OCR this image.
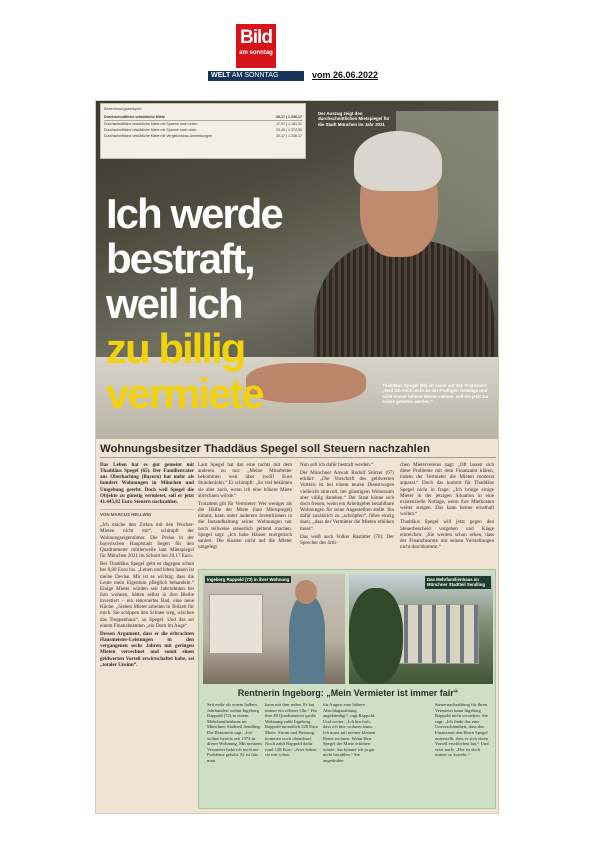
Bild
am sonntag
WELT AM SONNTAG	vom 26.06.2022
Berechnungsbeispiel:
Durchschnittliche ortsübliche Miete	26,17 | 1.236,17
Durchschnittliche ortsübliche Miete mit Spanne nach unten	17,97 | 1.181,31
Durchschnittliche ortsübliche Miete mit Spanne nach oben	23,45 | 1.374,55
Durchschnittliche ortsübliche Miete mit Vergleichsbau Anmerkungen	20,17 | 1.236,17
Der Auszug zeigt den durchschnittlichen Mietspiegel für die Stadt München im Jahr 2021
Ich werde
bestraft,
weil ich
zu billig
vermiete	Thaddäus Spegel (65) ist sauer auf das Finanzamt: „Weil ich mich nicht an der Profitgier beteilige und nicht immer höhere Mieten nehme, soll ich jetzt zur Kasse gebeten werden.“
Wohnungsbesitzer Thaddäus Spegel soll Steuern nachzahlen

Das Leben hat es gut gemeint mit Thaddäus Spegel (65). Der Familienvater aus Oberhaching (Bayern) hat mehr als hundert Wohnungen in München und Umgebung geerbt. Doch weil Spegel die Objekte zu günstig vermietet, soll er jetzt 41.445,82 Euro Steuern nachzahlen.

VON MARCUS HELLWIG

„Ich mache den Zirkus mit den Wucher-Mieten nicht mit“, schimpft der Wohnungseigentümer. Die Preise in der bayerischen Hauptstadt liegen für den Quadratmeter mittlerweile laut Mietspiegel für München 2021 im Schnitt bei 20,17 Euro.

Bei Thaddäus Spegel geht es dagegen schon bei 8,80 Euro los. „Leben und leben lassen ist meine Devise. Mir ist es wichtig, dass die Leute mein Eigentum pfleglich behandeln.“ Einige Mieter würden seit Jahrzehnten bei ihm wohnen, hätten selbst in ihre Bleibe investiert – ein renoviertes Bad, eine neue Küche. „Sieben Mieter arbeiten in Teilzeit für mich. Sie schippen den Schnee weg, wischen das Treppenhaus“, so Spegel. Und das sei einem Finanzbeamten „ein Dorn im Auge“.

Dessen Argument, dass er die erbrachten Hausmeister-Leistungen in den vergangenen sechs Jahren mit geringen Mieten verrechnet und somit einen geldwerten Vorteil erwirtschaftet habe, sei „totaler Unsinn“.

Laut Spegel hat das eine nichts mit dem anderen zu tun: „Meine Mitarbeiter bekommen weit über zwölf Euro Stundenlohn.“ Er schimpft: „So viel bekämen sie aber auch, wenn ich eine höhere Miete abrechnen würde.“

Trotzdem gilt für Vermieter: Wer weniger als die Hälfte der Miete (laut Mietspiegel) nimmt, kann unter anderem Investitionen in die Instandhaltung seiner Wohnungen nur noch teilweise steuerlich geltend machen. Spegel sagt: „Ich habe Häuser energetisch saniert. Die Kosten nicht auf die Mieter umgelegt.

Nun soll ich dafür bestraft werden.“

Der Münchner Anwalt Rudolf Stürzer (67) erklärt: „Die Vorschrift des geldwerten Vorteils ist bei einem teuren Dienstwagen vielleicht sinnvoll, bei günstigem Wohnraum aber völlig daneben.“ Der Staat könne sich doch freuen, wenn ein Arbeitgeber bezahlbare Wohnungen für seine Angestellten stelle. Ihn dafür zusätzlich zu „schröpfen“, führe einzig dazu, „dass der Vermieter die Mieten erhöhen muss“.

Das weiß auch Volker Rastätter (70). Der Sprecher des örtli-

chen Mietervereins sagt: „Oft lassen sich diese Probleme mit dem Finanzamt klären, indem der Vermieter die Mieten moderat anpasst.“ Doch das kommt für Thaddäus Spegel nicht in frage: „Ich bringe einige Mieter in der jetzigen Situation in eine existenzielle Notlage, wenn ihre Mietkosten weiter steigen. Das kann keiner ernsthaft wollen.“

Thaddäus Spegel will jetzt gegen den Steuerbescheid vorgehen und Klage einreichen: „Sie werden schon sehen, dass der Finanzbeamte mit seinen Vorstellungen nicht durchkommt.“

Ingeborg Rappold (72) in ihrer Wohnung	Das Mehrfamilienhaus im Münchner Stadtteil Sendling
Rentnerin Ingeborg: „Mein Vermieter ist immer fair“
Seit mehr als einem halben Jahrhundert wohnt Ingeborg Rappold (72) in einem Mehrfamilienhaus im Münchner Stadtteil Sendling. Die Rentnerin sagt: „Ich wohne bereits seit 1974 in dieser Wohnung. Mit meinem Vermieter habe ich noch nie Probleme gehabt. Er ist fair, man
kann mit ihm reden. Er hat immer ein offenes Ohr.“ Für ihre 40 Quadratmeter große Wohnung zahlt Ingeborg Rappold monatlich 528 Euro Miete. Strom und Heizung kommen noch obendrauf. Noch zahlt Rappold dafür rund 128 Euro. „Jetzt haben sie mir schon
für August eine höhere Abschlagszahlung angekündigt“, sagt Rappold. Und weiter: „Ich bin froh, dass ich hier wohnen kann. Ich muss mit meiner kleinen Rente rechnen. Wenn Herr Spegel die Miete erhöhen würde, das könnte ich ja gar nicht bezahlen.“ Sie angedrohte
Steuernachzahlung für ihren Vermieter kann Ingeborg Rappold nicht verstehen. Sie sagt: „Ich finde das eine Unverschämtheit, dass das Finanzamt den Herrn Spegel unterstellt, dass er sich einen Vorteil erschlichen hat.“ Und setzt nach: „Der ist doch immer so korrekt.“
